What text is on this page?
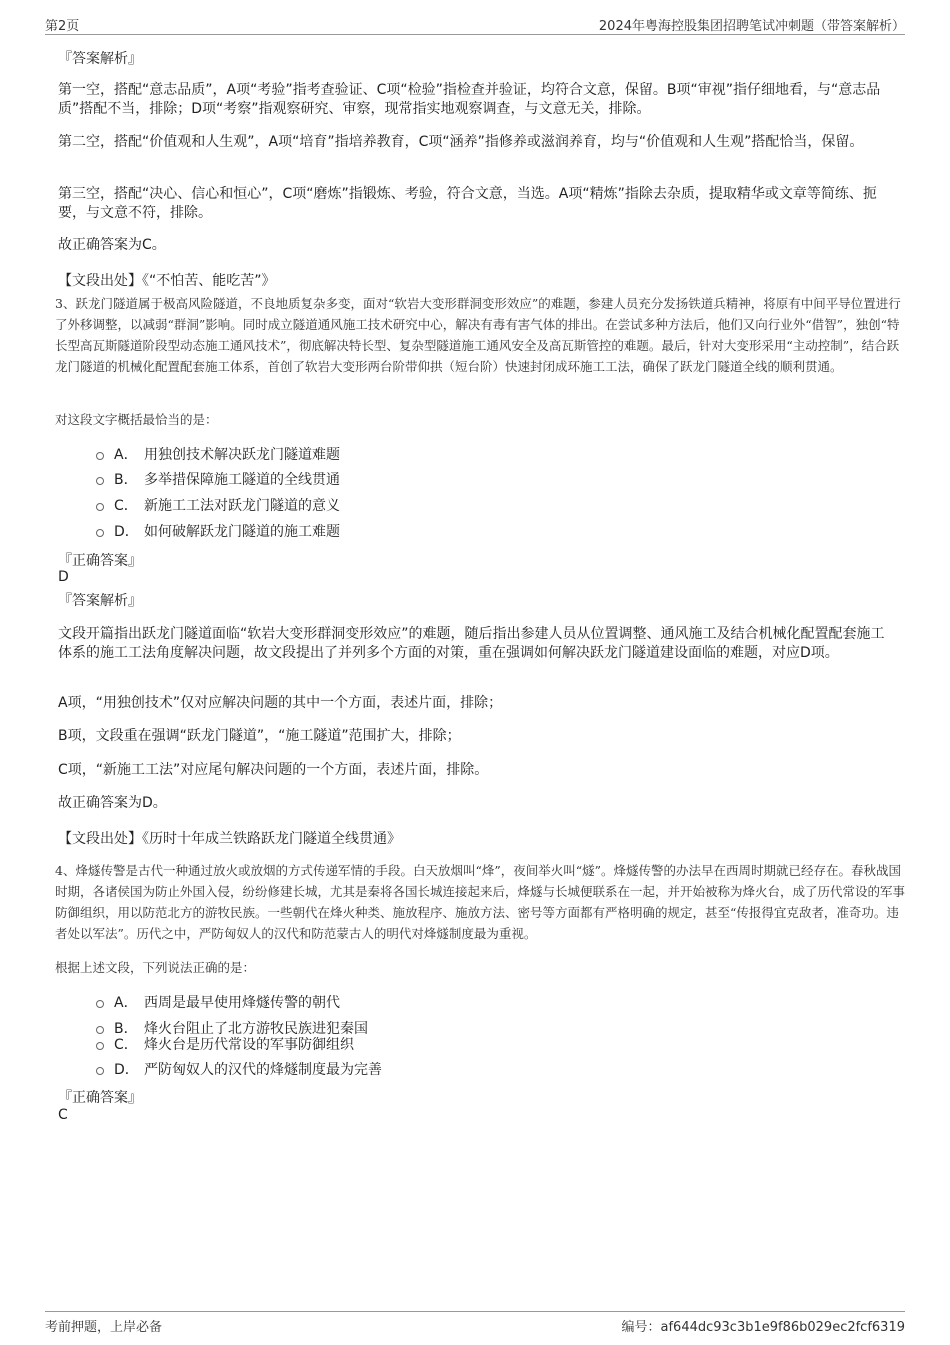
第2页	2024年粤海控股集团招聘笔试冲刺题（带答案解析）
『答案解析』
第一空，搭配“意志品质”，A项“考验”指考查验证、C项“检验”指检查并验证，均符合文意，保留。B项“审视”指仔细地看，与“意志品质”搭配不当，排除；D项“考察”指观察研究、审察，现常指实地观察调查，与文意无关，排除。
第二空，搭配“价值观和人生观”，A项“培育”指培养教育，C项“涵养”指修养或滋润养育，均与“价值观和人生观”搭配恰当，保留。
第三空，搭配“决心、信心和恒心”，C项“磨炼”指锻炼、考验，符合文意，当选。A项“精炼”指除去杂质，提取精华或文章等简练、扼要，与文意不符，排除。
故正确答案为C。
【文段出处】《“不怕苦、能吃苦”》
3、跃龙门隧道属于极高风险隧道，不良地质复杂多变，面对“软岩大变形群洞变形效应”的难题，参建人员充分发扬铁道兵精神，将原有中间平导位置进行了外移调整，以减弱“群洞”影响。同时成立隧道通风施工技术研究中心，解决有毒有害气体的排出。在尝试多种方法后，他们又向行业外“借智”，独创“特长型高瓦斯隧道阶段型动态施工通风技术”，彻底解决特长型、复杂型隧道施工通风安全及高瓦斯管控的难题。最后，针对大变形采用“主动控制”，结合跃龙门隧道的机械化配置配套施工体系，首创了软岩大变形两台阶带仰拱（短台阶）快速封闭成环施工工法，确保了跃龙门隧道全线的顺利贯通。
对这段文字概括最恰当的是：
A． 用独创技术解决跃龙门隧道难题
B． 多举措保障施工隧道的全线贯通
C． 新施工工法对跃龙门隧道的意义
D． 如何破解跃龙门隧道的施工难题
『正确答案』
D
『答案解析』
文段开篇指出跃龙门隧道面临“软岩大变形群洞变形效应”的难题，随后指出参建人员从位置调整、通风施工及结合机械化配置配套施工体系的施工工法角度解决问题，故文段提出了并列多个方面的对策，重在强调如何解决跃龙门隧道建设面临的难题，对应D项。
A项，“用独创技术”仅对应解决问题的其中一个方面，表述片面，排除；
B项，文段重在强调“跃龙门隧道”，“施工隧道”范围扩大，排除；
C项，“新施工工法”对应尾句解决问题的一个方面，表述片面，排除。
故正确答案为D。
【文段出处】《历时十年成兰铁路跃龙门隧道全线贯通》
4、烽燧传警是古代一种通过放火或放烟的方式传递军情的手段。白天放烟叫“烽”，夜间举火叫“燧”。烽燧传警的办法早在西周时期就已经存在。春秋战国时期，各诸侯国为防止外国入侵，纷纷修建长城，尤其是秦将各国长城连接起来后，烽燧与长城便联系在一起，并开始被称为烽火台，成了历代常设的军事防御组织，用以防范北方的游牧民族。一些朝代在烽火种类、施放程序、施放方法、密号等方面都有严格明确的规定，甚至“传报得宜克敌者，准奇功。违者处以军法”。历代之中，严防匈奴人的汉代和防范蒙古人的明代对烽燧制度最为重视。
根据上述文段，下列说法正确的是：
A． 西周是最早使用烽燧传警的朝代
B． 烽火台阻止了北方游牧民族进犯秦国
C． 烽火台是历代常设的军事防御组织
D． 严防匈奴人的汉代的烽燧制度最为完善
『正确答案』
C
考前押题，上岸必备	编号：af644dc93c3b1e9f86b029ec2fcf6319
